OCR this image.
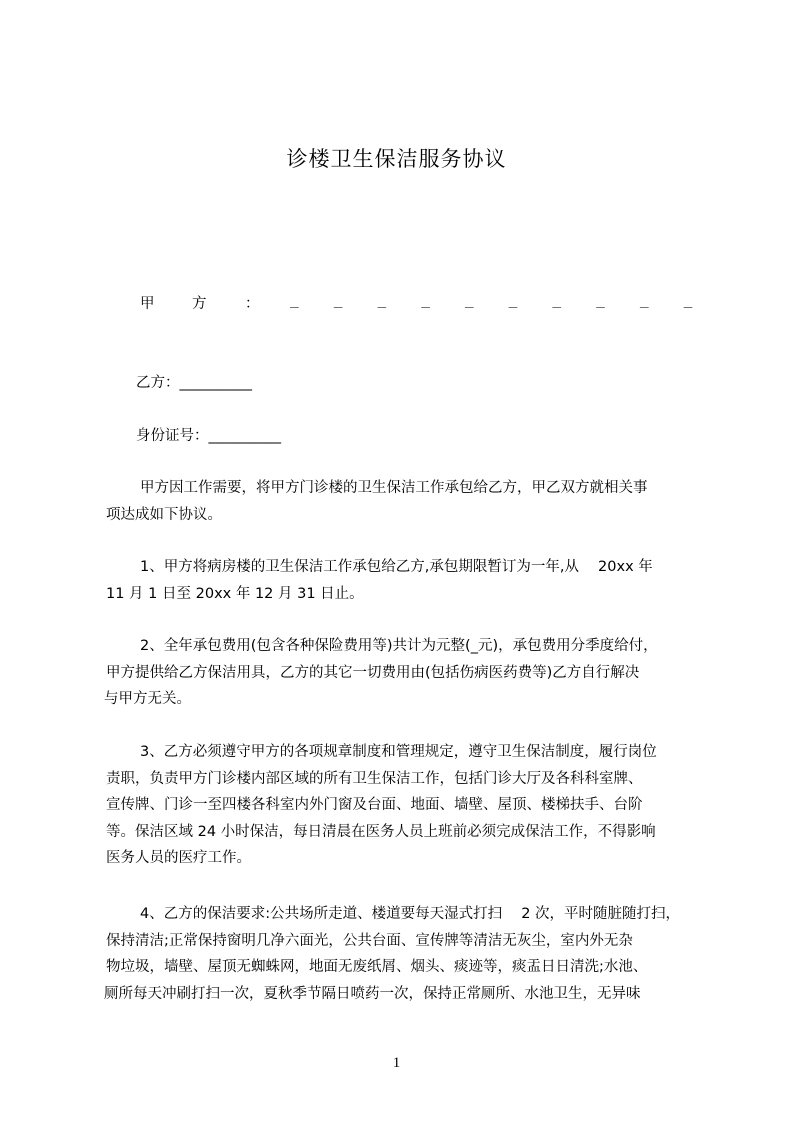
诊楼卫生保洁服务协议
甲	方	： __________
乙方：__________
身份证号：__________
甲方因工作需要，将甲方门诊楼的卫生保洁工作承包给乙方，甲乙双方就相关事
项达成如下协议。
1、甲方将病房楼的卫生保洁工作承包给乙方,承包期限暂订为一年,从　 20xx 年
11 月 1 日至 20xx 年 12 月 31 日止。
2、全年承包费用(包含各种保险费用等)共计为元整(_元)，承包费用分季度给付，
甲方提供给乙方保洁用具，乙方的其它一切费用由(包括伤病医药费等)乙方自行解决
与甲方无关。
3、乙方必须遵守甲方的各项规章制度和管理规定，遵守卫生保洁制度，履行岗位
责职，负责甲方门诊楼内部区域的所有卫生保洁工作，包括门诊大厅及各科科室牌、
宣传牌、门诊一至四楼各科室内外门窗及台面、地面、墙壁、屋顶、楼梯扶手、台阶
等。保洁区域 24 小时保洁，每日清晨在医务人员上班前必须完成保洁工作，不得影响
医务人员的医疗工作。
4、乙方的保洁要求:公共场所走道、楼道要每天湿式打扫　 2 次，平时随脏随打扫，
保持清洁;正常保持窗明几净六面光，公共台面、宣传牌等清洁无灰尘，室内外无杂
物垃圾，墙壁、屋顶无蜘蛛网，地面无废纸屑、烟头、痰迹等，痰盂日日清洗;水池、
厕所每天冲刷打扫一次，夏秋季节隔日喷药一次，保持正常厕所、水池卫生，无异味
1
